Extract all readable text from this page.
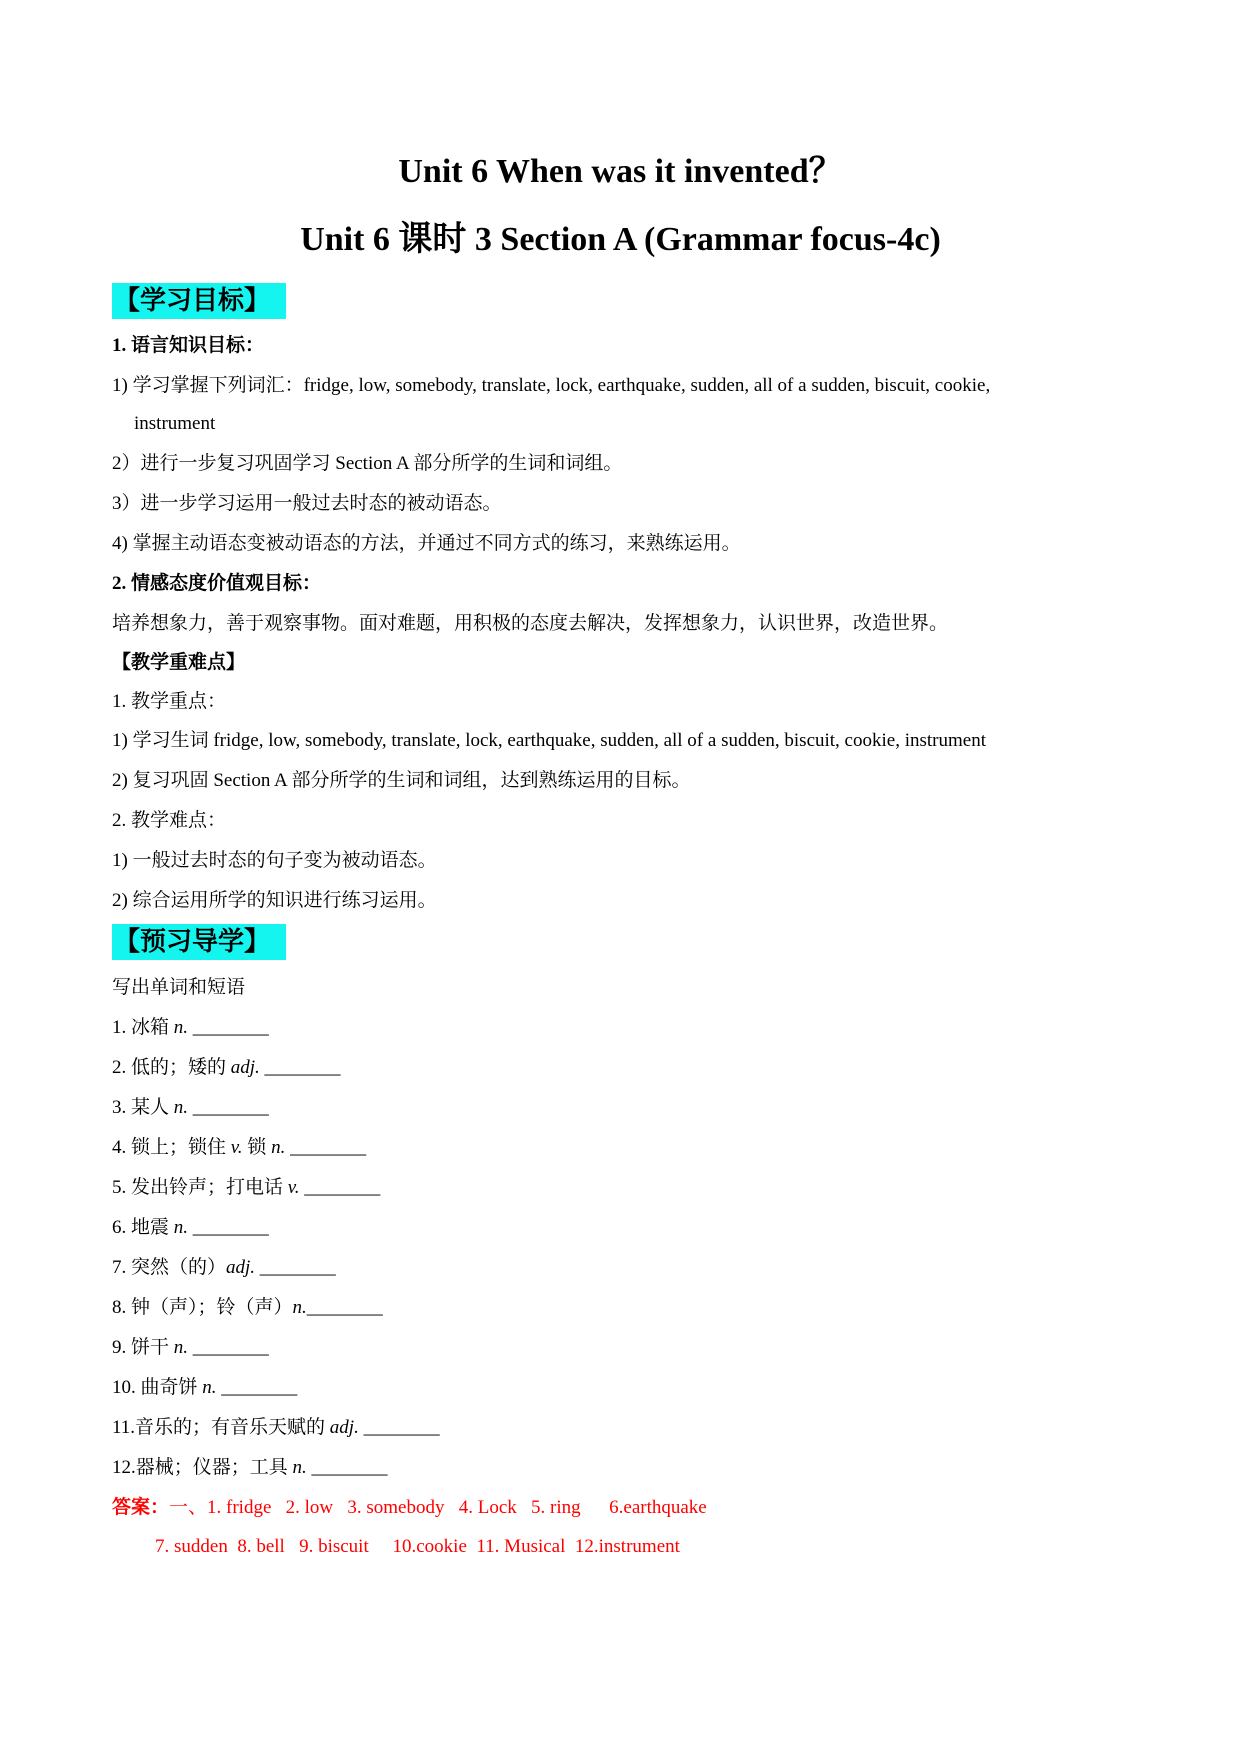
Unit 6 When was it invented？
Unit 6 课时 3 Section A (Grammar focus-4c)
【学习目标】
1. 语言知识目标：
1) 学习掌握下列词汇：fridge, low, somebody, translate, lock, earthquake, sudden, all of a sudden, biscuit, cookie,
instrument
2）进行一步复习巩固学习 Section A 部分所学的生词和词组。
3）进一步学习运用一般过去时态的被动语态。
4) 掌握主动语态变被动语态的方法，并通过不同方式的练习，来熟练运用。
2. 情感态度价值观目标：
培养想象力，善于观察事物。面对难题，用积极的态度去解决，发挥想象力，认识世界，改造世界。
【教学重难点】
1. 教学重点：
1) 学习生词 fridge, low, somebody, translate, lock, earthquake, sudden, all of a sudden, biscuit, cookie, instrument
2) 复习巩固 Section A 部分所学的生词和词组，达到熟练运用的目标。
2. 教学难点：
1) 一般过去时态的句子变为被动语态。
2) 综合运用所学的知识进行练习运用。
【预习导学】
写出单词和短语
1. 冰箱 n. ________
2. 低的；矮的 adj. ________
3. 某人 n. ________
4. 锁上；锁住 v. 锁 n. ________
5. 发出铃声；打电话 v. ________
6. 地震 n. ________
7. 突然（的）adj. ________
8. 钟（声）；铃（声）n.________
9. 饼干 n. ________
10. 曲奇饼 n. ________
11.音乐的；有音乐天赋的 adj. ________
12.器械；仪器；工具 n. ________
答案：一、1. fridge   2. low   3. somebody   4. Lock   5. ring      6.earthquake
7. sudden  8. bell   9. biscuit     10.cookie  11. Musical  12.instrument
